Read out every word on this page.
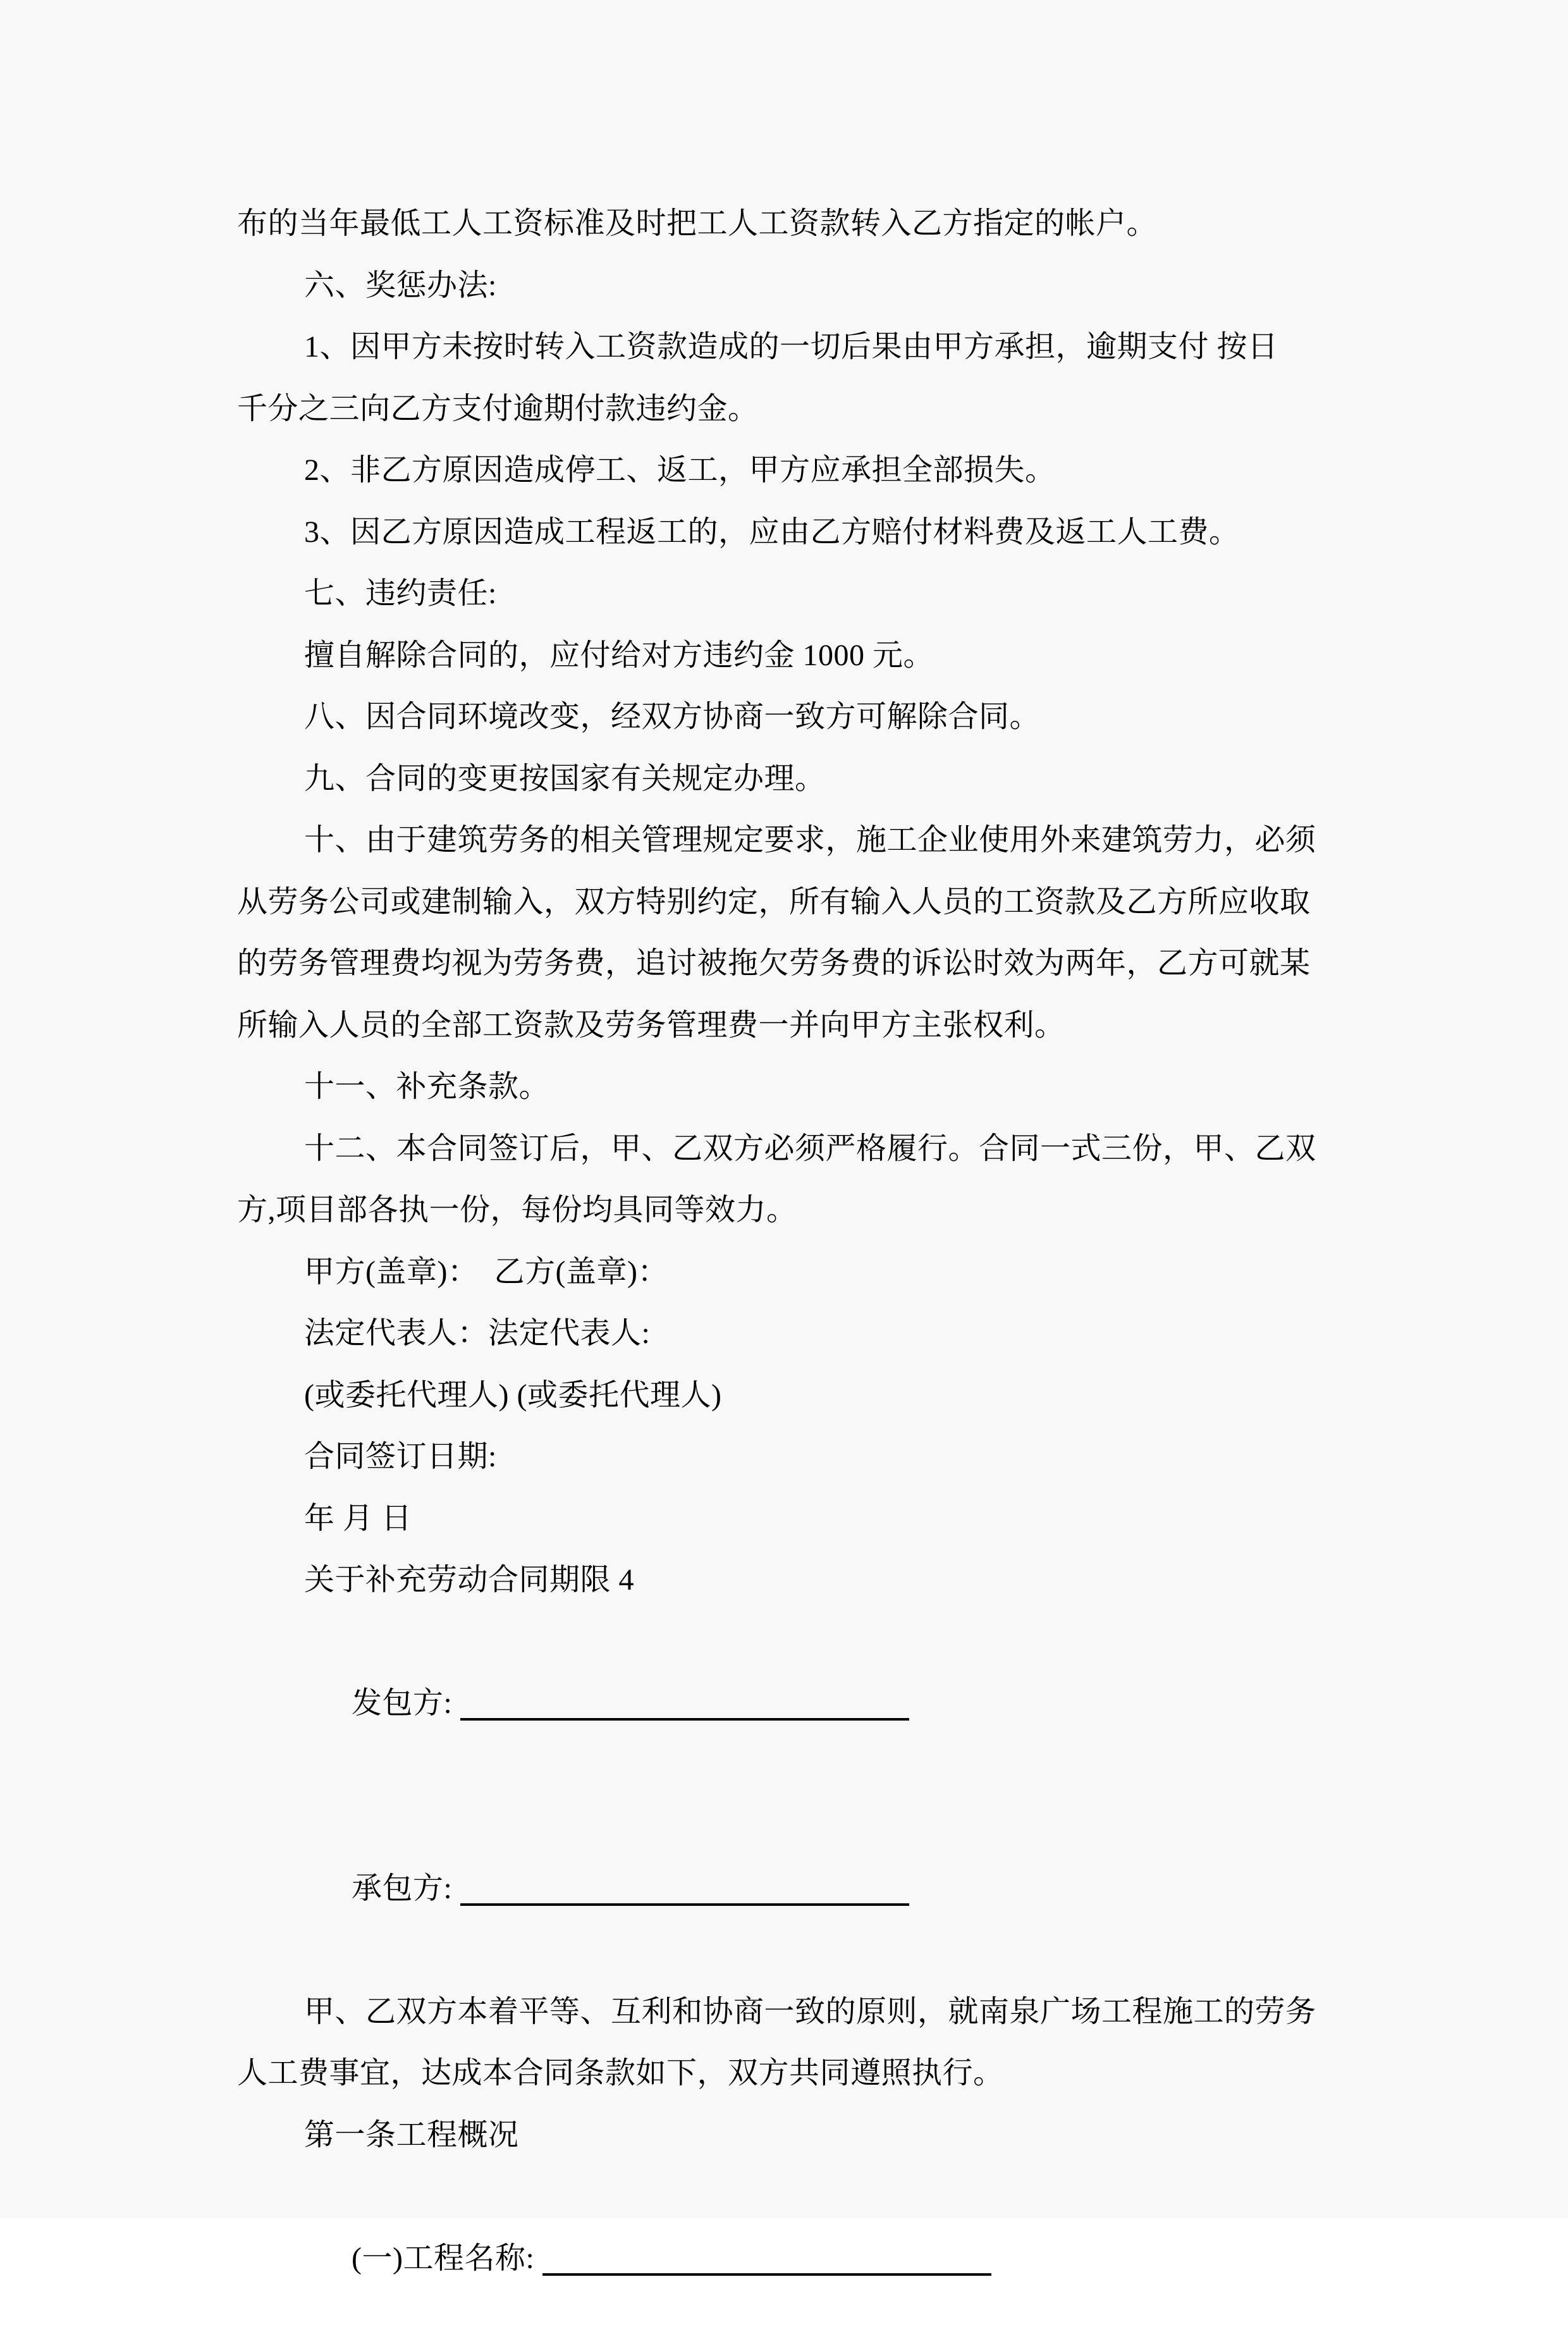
布的当年最低工人工资标准及时把工人工资款转入乙方指定的帐户。
六、奖惩办法:
1、因甲方未按时转入工资款造成的一切后果由甲方承担，逾期支付 按日
千分之三向乙方支付逾期付款违约金。
2、非乙方原因造成停工、返工，甲方应承担全部损失。
3、因乙方原因造成工程返工的，应由乙方赔付材料费及返工人工费。
七、违约责任:
擅自解除合同的，应付给对方违约金 1000 元。
八、因合同环境改变，经双方协商一致方可解除合同。
九、合同的变更按国家有关规定办理。
十、由于建筑劳务的相关管理规定要求，施工企业使用外来建筑劳力，必须
从劳务公司或建制输入，双方特别约定，所有输入人员的工资款及乙方所应收取
的劳务管理费均视为劳务费，追讨被拖欠劳务费的诉讼时效为两年，乙方可就某
所输入人员的全部工资款及劳务管理费一并向甲方主张权利。
十一、补充条款。
十二、本合同签订后，甲、乙双方必须严格履行。合同一式三份，甲、乙双
方,项目部各执一份，每份均具同等效力。
甲方(盖章)：  乙方(盖章)：
法定代表人：法定代表人:
(或委托代理人) (或委托代理人)
合同签订日期:
年 月 日
关于补充劳动合同期限 4

发包方:

承包方:

甲、乙双方本着平等、互利和协商一致的原则，就南泉广场工程施工的劳务
人工费事宜，达成本合同条款如下，双方共同遵照执行。
第一条工程概况

(一)工程名称:
